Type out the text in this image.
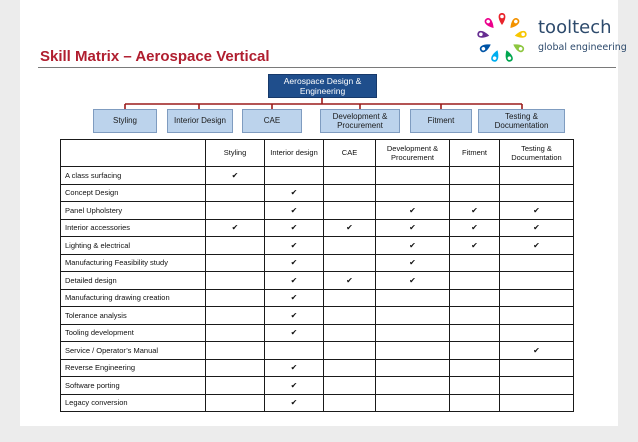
Skill Matrix – Aerospace Vertical
tooltech
global engineering
Aerospace Design & Engineering
Styling	Interior Design	CAE
Development & Procurement
Fitment
Testing & Documentation
	Styling	Interior design	CAE	Development & Procurement	Fitment	Testing & Documentation
A class surfacing	✔					
Concept Design		✔				
Panel Upholstery		✔		✔	✔	✔
Interior accessories	✔	✔	✔	✔	✔	✔
Lighting & electrical		✔		✔	✔	✔
Manufacturing Feasibility study		✔		✔		
Detailed design		✔	✔	✔		
Manufacturing drawing creation		✔				
Tolerance analysis		✔				
Tooling development		✔				
Service / Operator’s Manual						✔
Reverse Engineering		✔				
Software porting		✔				
Legacy conversion		✔				
